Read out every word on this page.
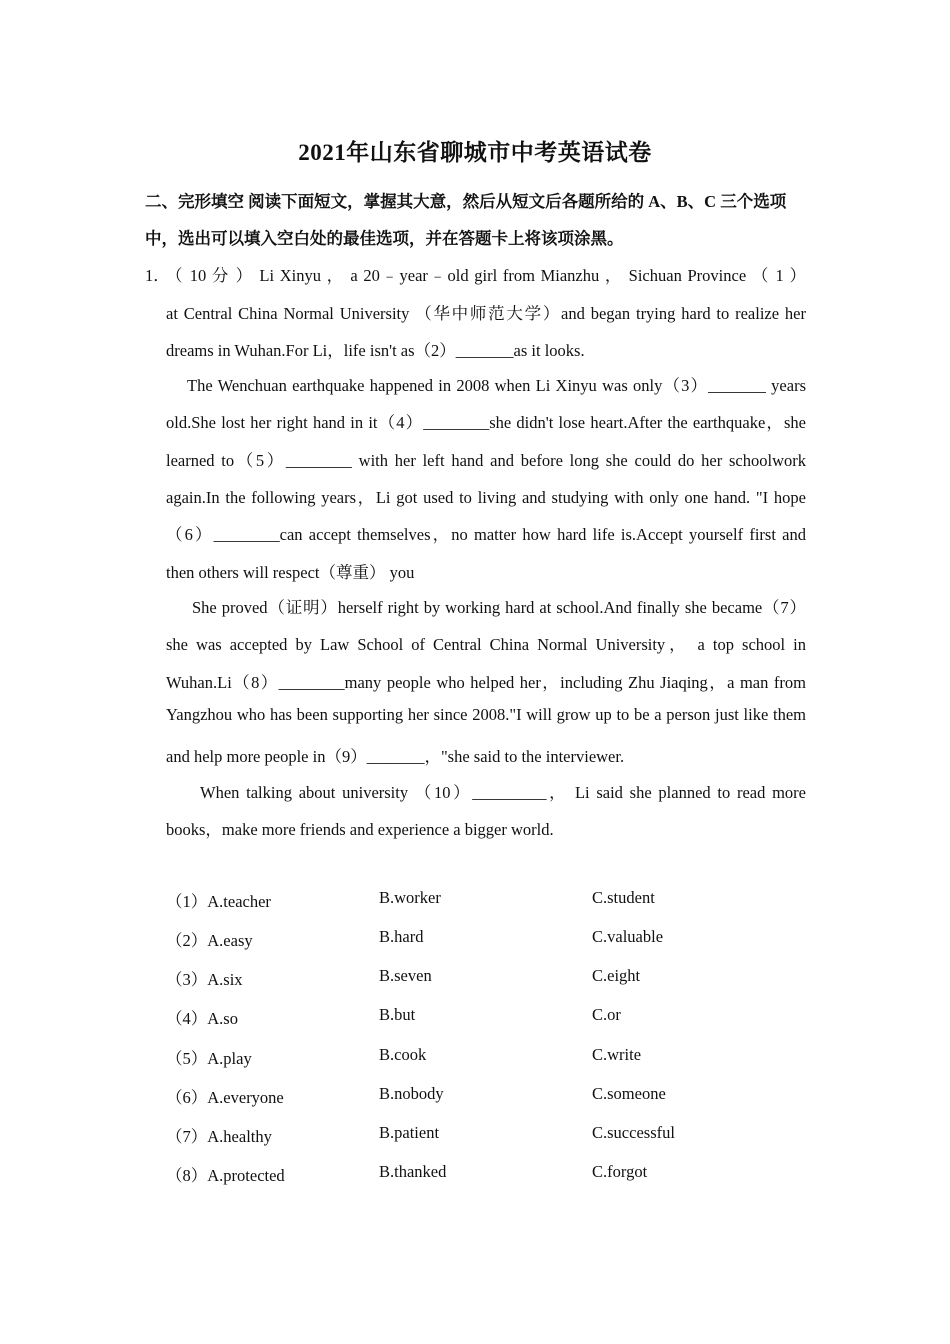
2021年山东省聊城市中考英语试卷
二、完形填空 阅读下面短文，掌握其大意，然后从短文后各题所给的 A、B、C 三个选项
中，选出可以填入空白处的最佳选项，并在答题卡上将该项涂黑。
1．
（ 10 分 ） Li Xinyu ， a 20﹣year﹣old girl from Mianzhu ， Sichuan Province （ 1 ）
at Central China Normal University （华中师范大学）and began trying hard to realize her
dreams in Wuhan.For Li，life isn't as（2）_______as it looks.
The Wenchuan earthquake happened in 2008 when Li Xinyu was only（3）_______ years
old.She lost her right hand in it（4）________she didn't lose heart.After the earthquake，she
learned to（5）________ with her left hand and before long she could do her schoolwork
again.In the following years，Li got used to living and studying with only one hand. "I hope
（6）________can accept themselves，no matter how hard life is.Accept yourself first and
then others will respect（尊重） you
She proved（证明）herself right by working hard at school.And finally she became（7）
she was accepted by Law School of Central China Normal University， a top school in
Wuhan.Li（8）________many people who helped her，including Zhu Jiaqing，a man from
Yangzhou who has been supporting her since 2008."I will grow up to be a person just like them
and help more people in（9）_______，"she said to the interviewer.
When talking about university （10）_________， Li said she planned to read more
books，make more friends and experience a bigger world.
（1）A.teacher	B.worker	C.student
（2）A.easy	B.hard	C.valuable
（3）A.six	B.seven	C.eight
（4）A.so	B.but	C.or
（5）A.play	B.cook	C.write
（6）A.everyone	B.nobody	C.someone
（7）A.healthy	B.patient	C.successful
（8）A.protected	B.thanked	C.forgot
